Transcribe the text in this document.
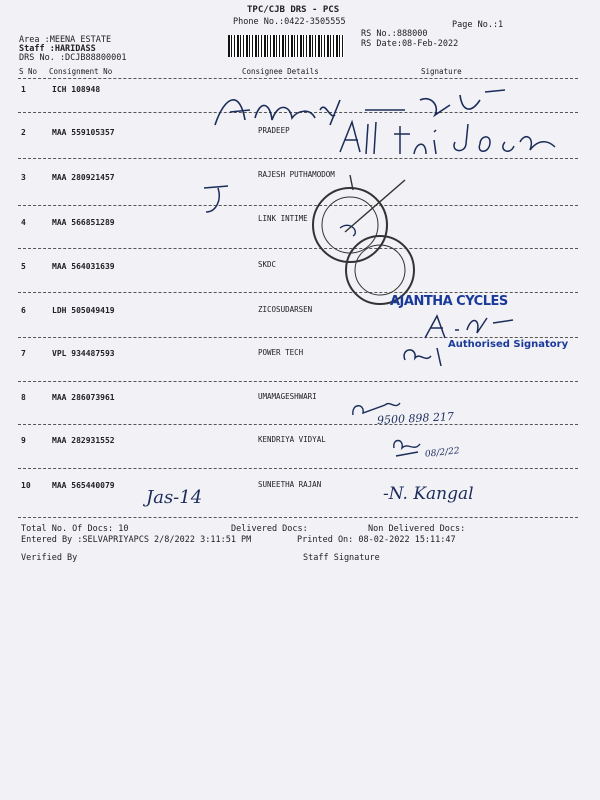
TPC/CJB DRS - PCS
Phone No.:0422-3505555
Area :MEENA ESTATE
Staff :HARIDASS
DRS No. :DCJB88800001
Page No.:1
RS No.:888000
RS Date:08-Feb-2022
S No Consignment No	Consignee Details	Signature
1	ICH 108948
2	MAA 559105357	PRADEEP
3	MAA 280921457	RAJESH PUTHAMODOM
4	MAA 566851289	LINK INTIME
5	MAA 564031639	SKDC
6	LDH 505049419	ZICOSUDARSEN
7	VPL 934487593	POWER TECH
8	MAA 286073961	UMAMAGESHWARI
9	MAA 282931552	KENDRIYA VIDYAL
10	MAA 565440079	SUNEETHA RAJAN
AJANTHA CYCLES
Authorised Signatory
9500 898 217
08/2/22
Jas-14	-N. Kangal
Total No. Of Docs: 10	Delivered Docs:	Non Delivered Docs:
Entered By :SELVAPRIYAPCS 2/8/2022 3:11:51 PM	Printed On: 08-02-2022 15:11:47
Verified By	Staff Signature
